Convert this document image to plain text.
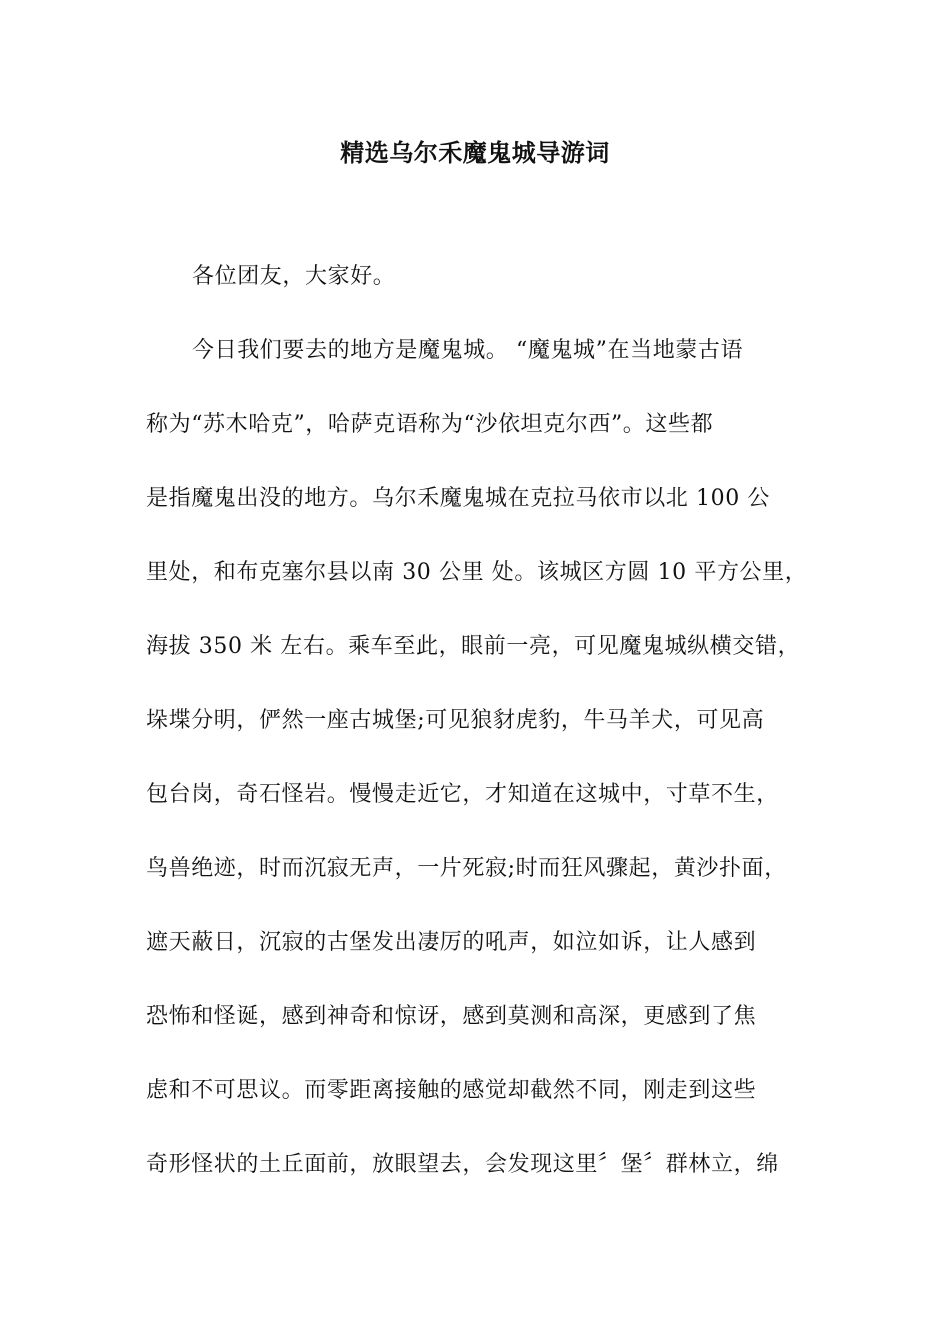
精选乌尔禾魔鬼城导游词
各位团友，大家好。
今日我们要去的地方是魔鬼城。 “魔鬼城”在当地蒙古语
称为“苏木哈克”，哈萨克语称为“沙依坦克尔西”。这些都
是指魔鬼出没的地方。乌尔禾魔鬼城在克拉马依市以北 100 公
里处，和布克塞尔县以南 30 公里 处。该城区方圆 10 平方公里，
海拔 350 米 左右。乘车至此，眼前一亮，可见魔鬼城纵横交错，
垛堞分明，俨然一座古城堡;可见狼豺虎豹，牛马羊犬，可见高
包台岗，奇石怪岩。慢慢走近它，才知道在这城中，寸草不生，
鸟兽绝迹，时而沉寂无声，一片死寂;时而狂风骤起，黄沙扑面，
遮天蔽日，沉寂的古堡发出凄厉的吼声，如泣如诉，让人感到
恐怖和怪诞，感到神奇和惊讶，感到莫测和高深，更感到了焦
虑和不可思议。而零距离接触的感觉却截然不同，刚走到这些
奇形怪状的土丘面前，放眼望去，会发现这里〞堡〞群林立，绵
